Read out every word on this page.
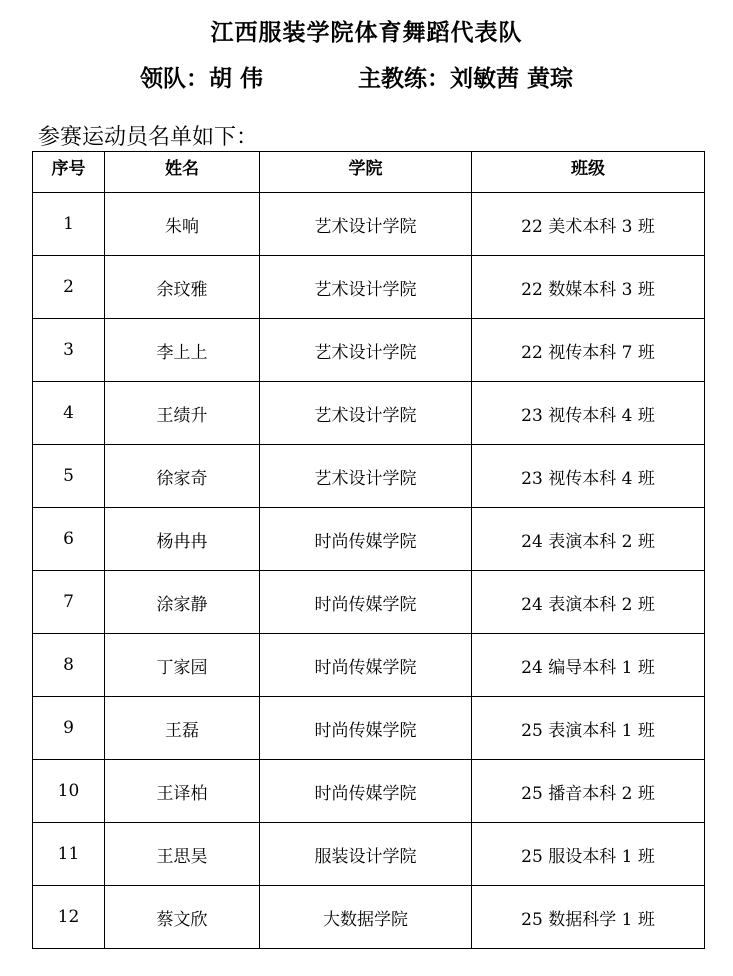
江西服装学院体育舞蹈代表队
领队：胡 伟	主教练：刘敏茜 黄琮
参赛运动员名单如下：
序号	姓名	学院	班级
1	朱响	艺术设计学院	22 美术本科 3 班
2	余玟雅	艺术设计学院	22 数媒本科 3 班
3	李上上	艺术设计学院	22 视传本科 7 班
4	王绩升	艺术设计学院	23 视传本科 4 班
5	徐家奇	艺术设计学院	23 视传本科 4 班
6	杨冉冉	时尚传媒学院	24 表演本科 2 班
7	涂家静	时尚传媒学院	24 表演本科 2 班
8	丁家园	时尚传媒学院	24 编导本科 1 班
9	王磊	时尚传媒学院	25 表演本科 1 班
10	王译柏	时尚传媒学院	25 播音本科 2 班
11	王思昊	服装设计学院	25 服设本科 1 班
12	蔡文欣	大数据学院	25 数据科学 1 班
